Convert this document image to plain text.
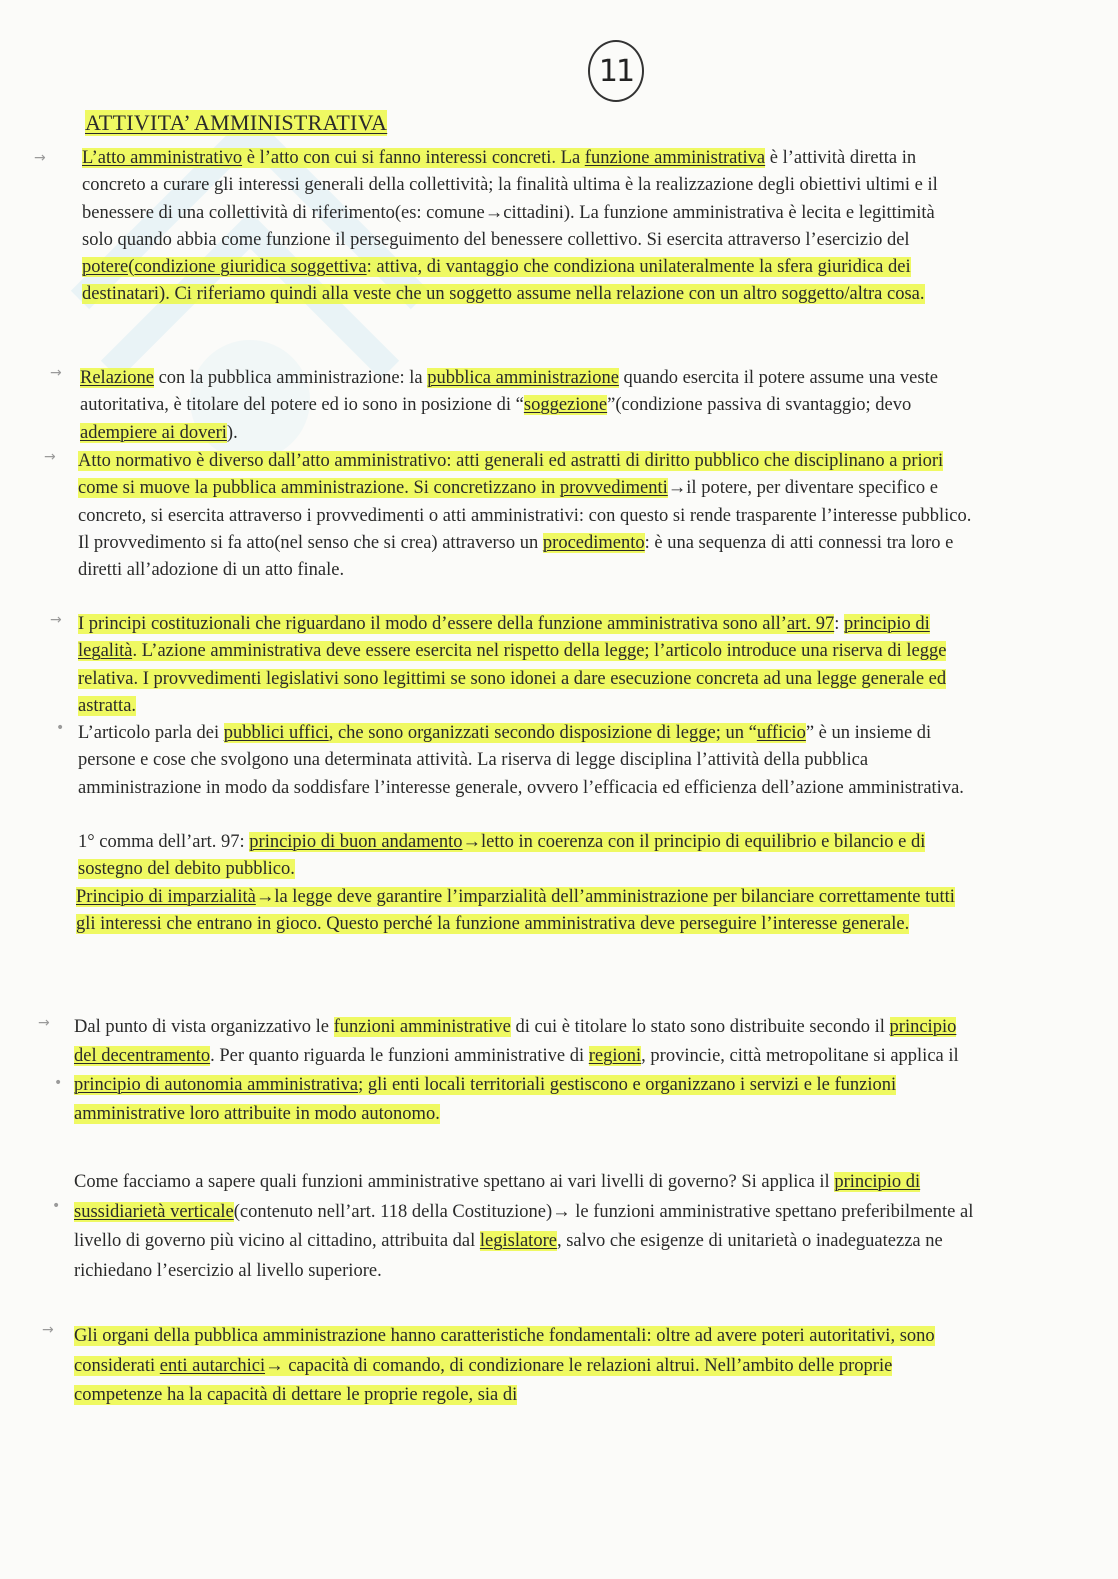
11
ATTIVITA’ AMMINISTRATIVA
→
→
→
→
•
→
•
•
→

L’atto amministrativo è l’atto con cui si fanno interessi concreti. La funzione amministrativa è l’attività diretta in concreto a curare gli interessi generali della collettività; la finalità ultima è la realizzazione degli obiettivi ultimi e il benessere di una collettività di riferimento(es: comune→cittadini). La funzione amministrativa è lecita e legittimità solo quando abbia come funzione il perseguimento del benessere collettivo. Si esercita attraverso l’esercizio del potere(condizione giuridica soggettiva: attiva, di vantaggio che condiziona unilateralmente la sfera giuridica dei destinatari). Ci riferiamo quindi alla veste che un soggetto assume nella relazione con un altro soggetto/altra cosa.

Relazione con la pubblica amministrazione: la pubblica amministrazione quando esercita il potere assume una veste autoritativa, è titolare del potere ed io sono in posizione di “soggezione”(condizione passiva di svantaggio; devo adempiere ai doveri).

Atto normativo è diverso dall’atto amministrativo: atti generali ed astratti di diritto pubblico che disciplinano a priori come si muove la pubblica amministrazione. Si concretizzano in provvedimenti→il potere, per diventare specifico e concreto, si esercita attraverso i provvedimenti o atti amministrativi: con questo si rende trasparente l’interesse pubblico. Il provvedimento si fa atto(nel senso che si crea) attraverso un procedimento: è una sequenza di atti connessi tra loro e diretti all’adozione di un atto finale.

I principi costituzionali che riguardano il modo d’essere della funzione amministrativa sono all’art. 97: principio di legalità. L’azione amministrativa deve essere esercita nel rispetto della legge; l’articolo introduce una riserva di legge relativa. I provvedimenti legislativi sono legittimi se sono idonei a dare esecuzione concreta ad una legge generale ed astratta.

L’articolo parla dei pubblici uffici, che sono organizzati secondo disposizione di legge; un “ufficio” è un insieme di persone e cose che svolgono una determinata attività. La riserva di legge disciplina l’attività della pubblica amministrazione in modo da soddisfare l’interesse generale, ovvero l’efficacia ed efficienza dell’azione amministrativa.

1° comma dell’art. 97: principio di buon andamento→letto in coerenza con il principio di equilibrio e bilancio e di sostegno del debito pubblico.

Principio di imparzialità→la legge deve garantire l’imparzialità dell’amministrazione per bilanciare correttamente tutti gli interessi che entrano in gioco. Questo perché la funzione amministrativa deve perseguire l’interesse generale.

Dal punto di vista organizzativo le funzioni amministrative di cui è titolare lo stato sono distribuite secondo il principio del decentramento. Per quanto riguarda le funzioni amministrative di regioni, provincie, città metropolitane si applica il principio di autonomia amministrativa; gli enti locali territoriali gestiscono e organizzano i servizi e le funzioni amministrative loro attribuite in modo autonomo.

Come facciamo a sapere quali funzioni amministrative spettano ai vari livelli di governo? Si applica il principio di sussidiarietà verticale(contenuto nell’art. 118 della Costituzione)→ le funzioni amministrative spettano preferibilmente al livello di governo più vicino al cittadino, attribuita dal legislatore, salvo che esigenze di unitarietà o inadeguatezza ne richiedano l’esercizio al livello superiore.

Gli organi della pubblica amministrazione hanno caratteristiche fondamentali: oltre ad avere poteri autoritativi, sono considerati enti autarchici→ capacità di comando, di condizionare le relazioni altrui. Nell’ambito delle proprie competenze ha la capacità di dettare le proprie regole, sia di
